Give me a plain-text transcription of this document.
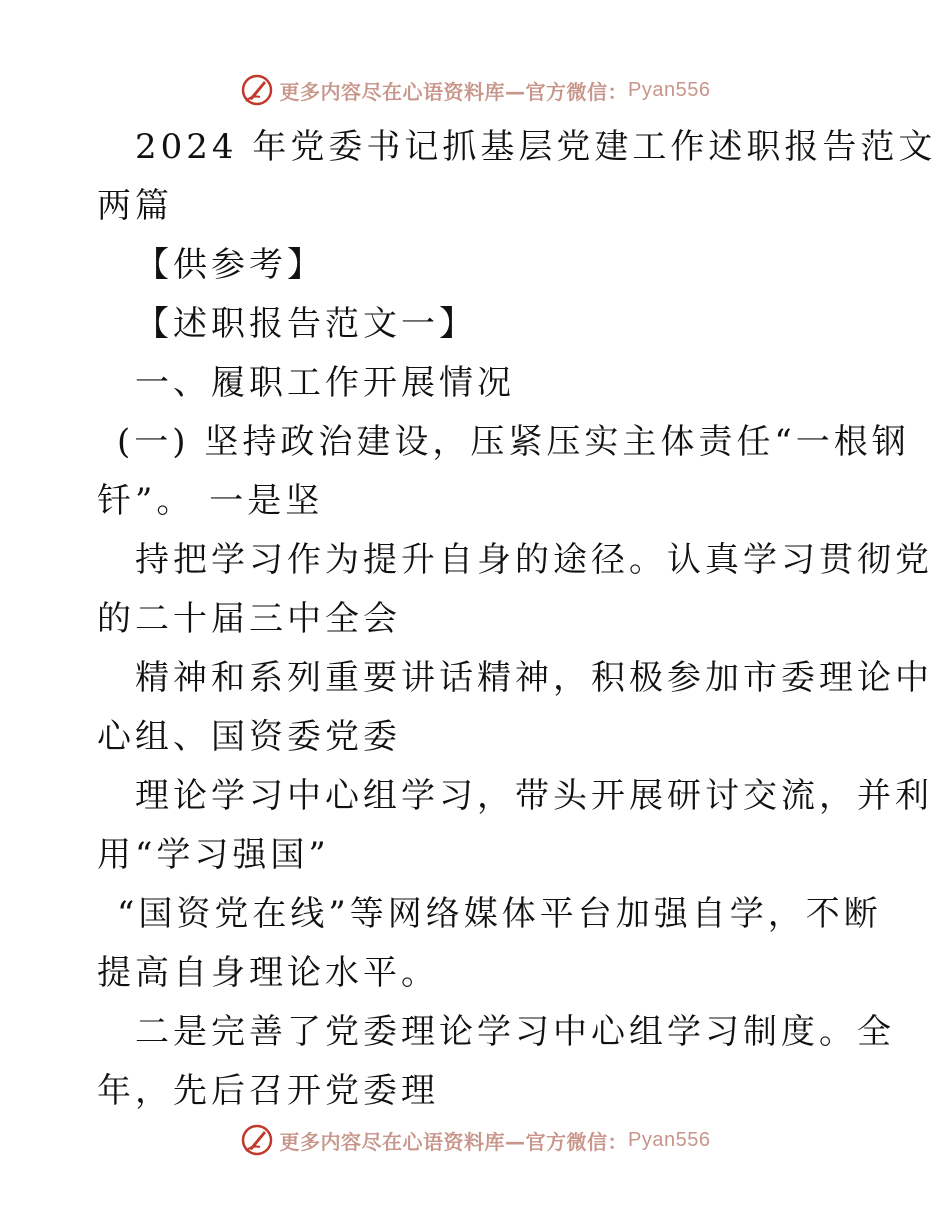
更多内容尽在心语资料库—官方微信： Pyan556
2024 年党委书记抓基层党建工作述职报告范文
两篇
【供参考】
【述职报告范文一】
一、履职工作开展情况
(一) 坚持政治建设，压紧压实主体责任“一根钢
钎”。 一是坚
持把学习作为提升自身的途径。认真学习贯彻党
的二十届三中全会
精神和系列重要讲话精神，积极参加市委理论中
心组、国资委党委
理论学习中心组学习，带头开展研讨交流，并利
用“学习强国”
“国资党在线”等网络媒体平台加强自学，不断
提高自身理论水平。
二是完善了党委理论学习中心组学习制度。全
年，先后召开党委理
更多内容尽在心语资料库—官方微信： Pyan556
